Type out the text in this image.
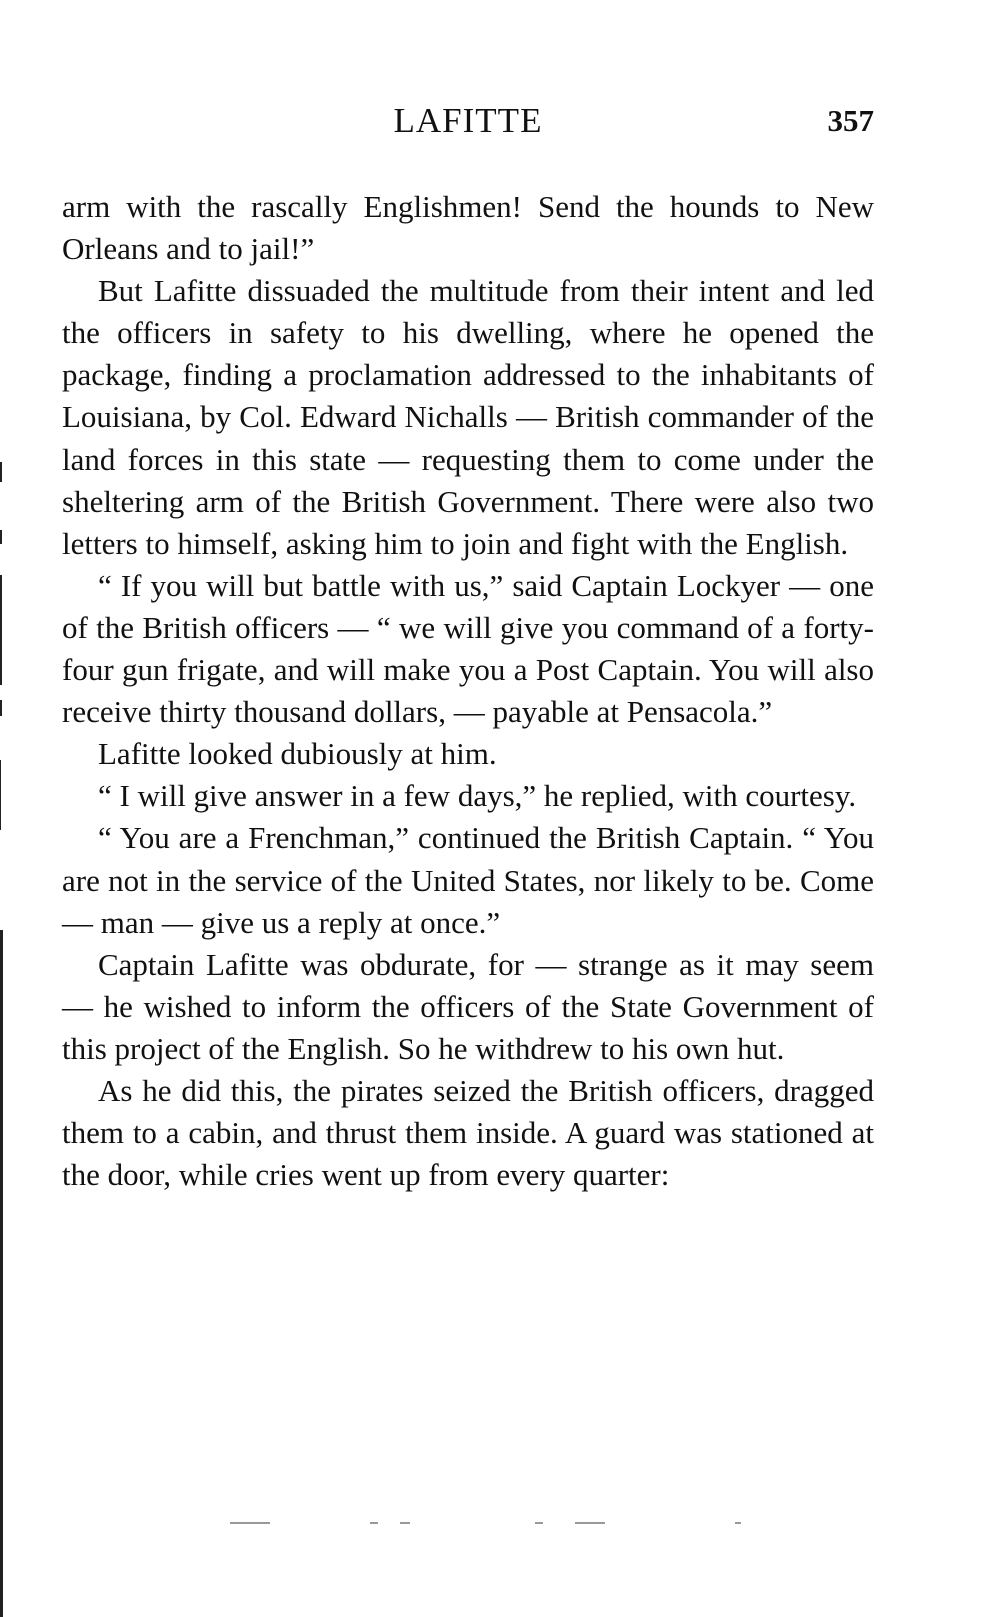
LAFITTE	357

arm with the rascally Englishmen! Send the hounds to New Orleans and to jail!”

But Lafitte dissuaded the multitude from their intent and led the officers in safety to his dwelling, where he opened the package, finding a proclamation addressed to the inhabitants of Louisiana, by Col. Edward Nichalls — British commander of the land forces in this state — requesting them to come under the sheltering arm of the British Government. There were also two letters to himself, asking him to join and fight with the English.

“ If you will but battle with us,” said Captain Lockyer — one of the British officers — “ we will give you command of a forty-four gun frigate, and will make you a Post Captain. You will also receive thirty thousand dollars, — payable at Pensacola.”

Lafitte looked dubiously at him.

“ I will give answer in a few days,” he replied, with courtesy.

“ You are a Frenchman,” continued the British Captain. “ You are not in the service of the United States, nor likely to be. Come — man — give us a reply at once.”

Captain Lafitte was obdurate, for — strange as it may seem — he wished to inform the officers of the State Government of this project of the English. So he withdrew to his own hut.

As he did this, the pirates seized the British officers, dragged them to a cabin, and thrust them inside. A guard was stationed at the door, while cries went up from every quarter:
